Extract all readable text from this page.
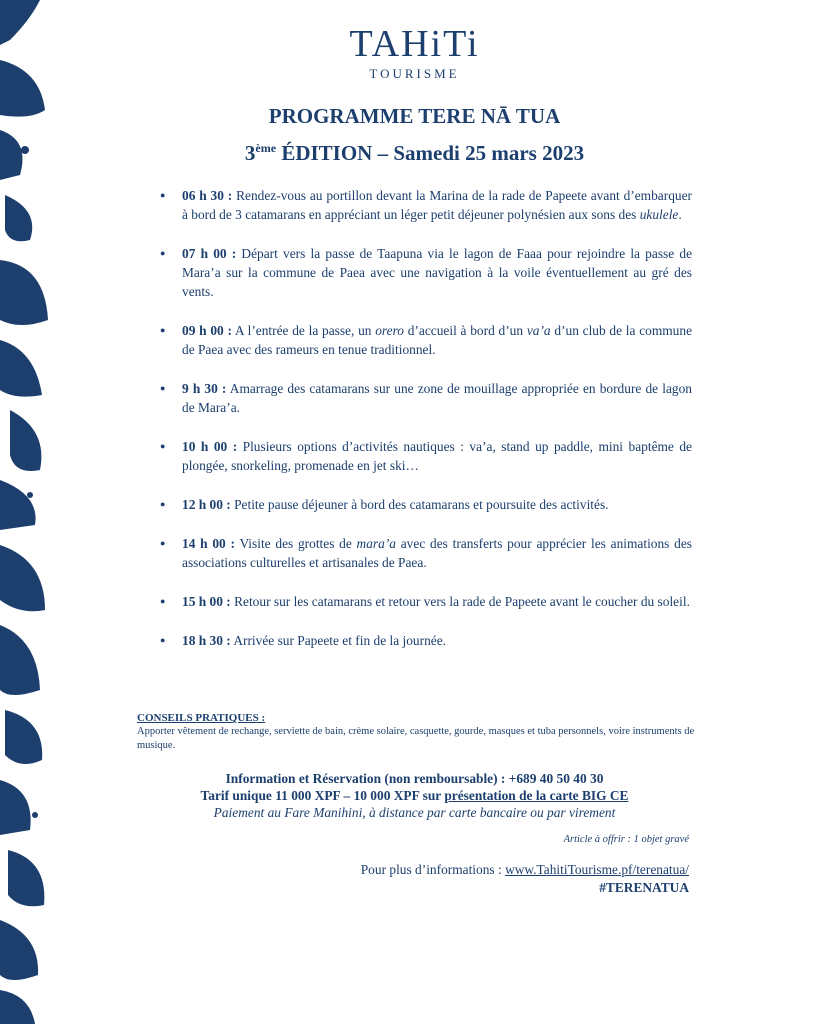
TAHiTi
TOURISME
PROGRAMME TERE NĀ TUA
3ème ÉDITION – Samedi 25 mars 2023
● 06 h 30 : Rendez-vous au portillon devant la Marina de la rade de Papeete avant d’embarquer à bord de 3 catamarans en appréciant un léger petit déjeuner polynésien aux sons des ukulele.
● 07 h 00 : Départ vers la passe de Taapuna via le lagon de Faaa pour rejoindre la passe de Mara’a sur la commune de Paea avec une navigation à la voile éventuellement au gré des vents.
● 09 h 00 : A l’entrée de la passe, un orero d’accueil à bord d’un va’a d’un club de la commune de Paea avec des rameurs en tenue traditionnel.
● 9 h 30 : Amarrage des catamarans sur une zone de mouillage appropriée en bordure de lagon de Mara’a.
● 10 h 00 : Plusieurs options d’activités nautiques : va’a, stand up paddle, mini baptême de plongée, snorkeling, promenade en jet ski…
● 12 h 00 : Petite pause déjeuner à bord des catamarans et poursuite des activités.
● 14 h 00 : Visite des grottes de mara’a avec des transferts pour apprécier les animations des associations culturelles et artisanales de Paea.
● 15 h 00 : Retour sur les catamarans et retour vers la rade de Papeete avant le coucher du soleil.
● 18 h 30 : Arrivée sur Papeete et fin de la journée.
CONSEILS PRATIQUES :
Apporter vêtement de rechange, serviette de bain, crème solaire, casquette, gourde, masques et tuba personnels, voire instruments de musique.
Information et Réservation (non remboursable) : +689 40 50 40 30
Tarif unique 11 000 XPF – 10 000 XPF sur présentation de la carte BIG CE
Paiement au Fare Manihini, à distance par carte bancaire ou par virement
Article à offrir : 1 objet gravé
Pour plus d’informations : www.TahitiTourisme.pf/terenatua/
#TERENATUA
